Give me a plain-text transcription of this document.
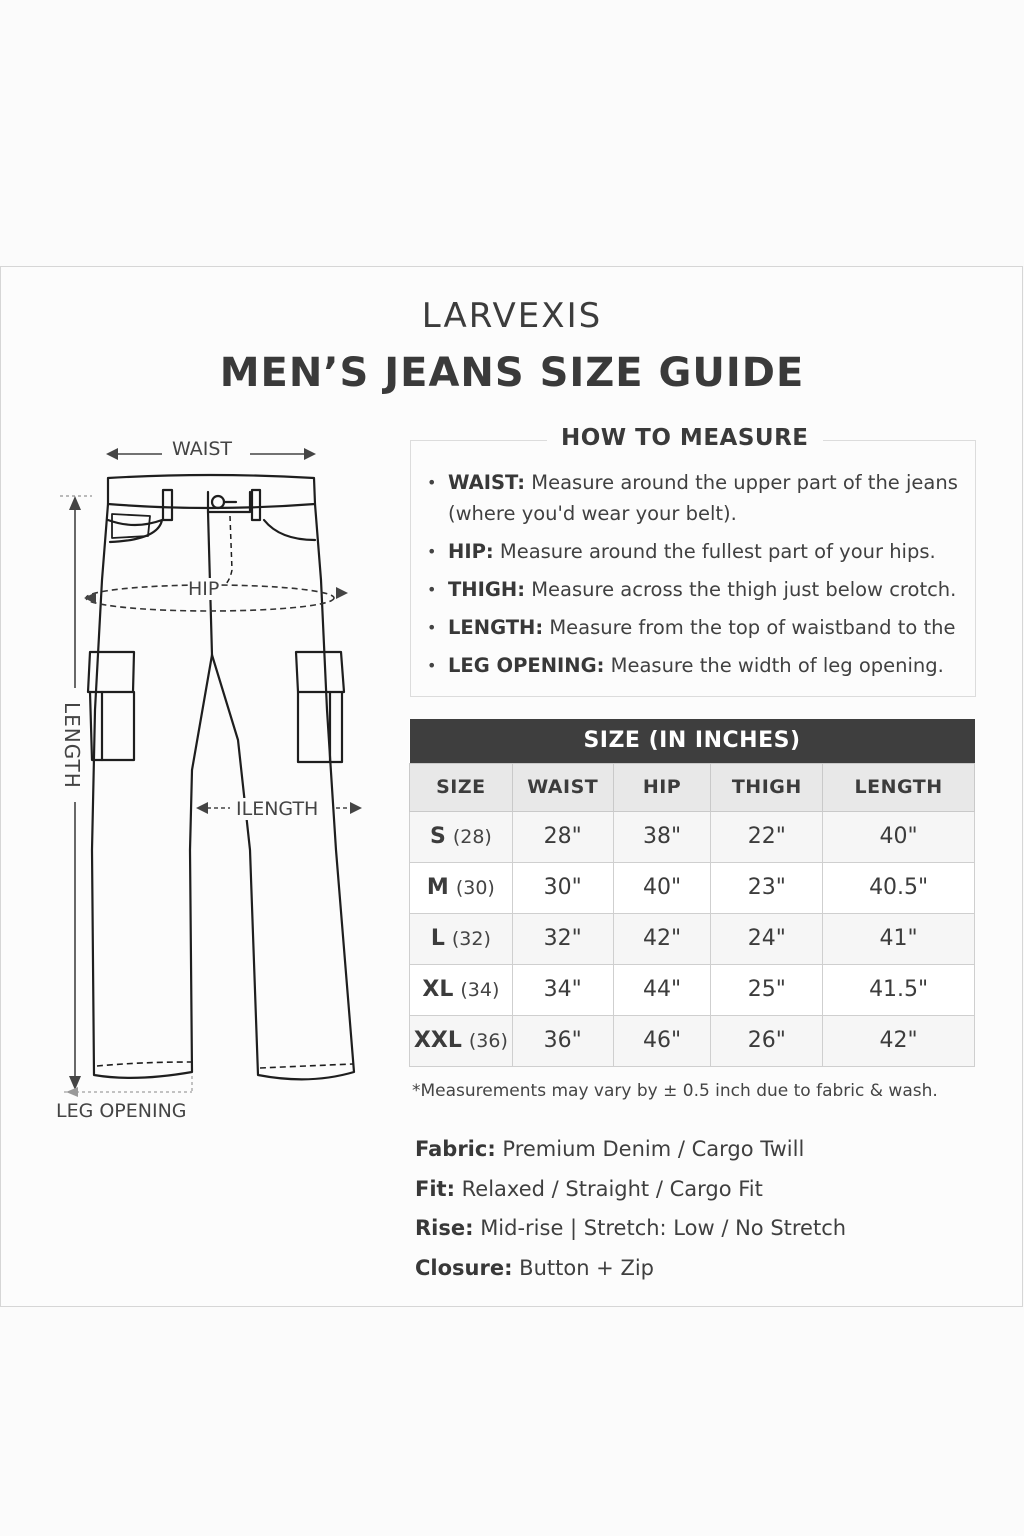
LARVEXIS
MEN’S JEANS SIZE GUIDE
WAIST
HIP
LENGTH
ILENGTH
LEG OPENING
HOW TO MEASURE
• WAIST: Measure around the upper part of the jeans (where you'd wear your belt).
• HIP: Measure around the fullest part of your hips.
• THIGH: Measure across the thigh just below crotch.
• LENGTH: Measure from the top of waistband to the
• LEG OPENING: Measure the width of leg opening.
SIZE (IN INCHES)				
SIZE	WAIST	HIP	THIGH	LENGTH
S (28)	28"	38"	22"	40"
M (30)	30"	40"	23"	40.5"
L (32)	32"	42"	24"	41"
XL (34)	34"	44"	25"	41.5"
XXL (36)	36"	46"	26"	42"
*Measurements may vary by ± 0.5 inch due to fabric & wash.
Fabric: Premium Denim / Cargo Twill
Fit: Relaxed / Straight / Cargo Fit
Rise: Mid-rise | Stretch: Low / No Stretch
Closure: Button + Zip
